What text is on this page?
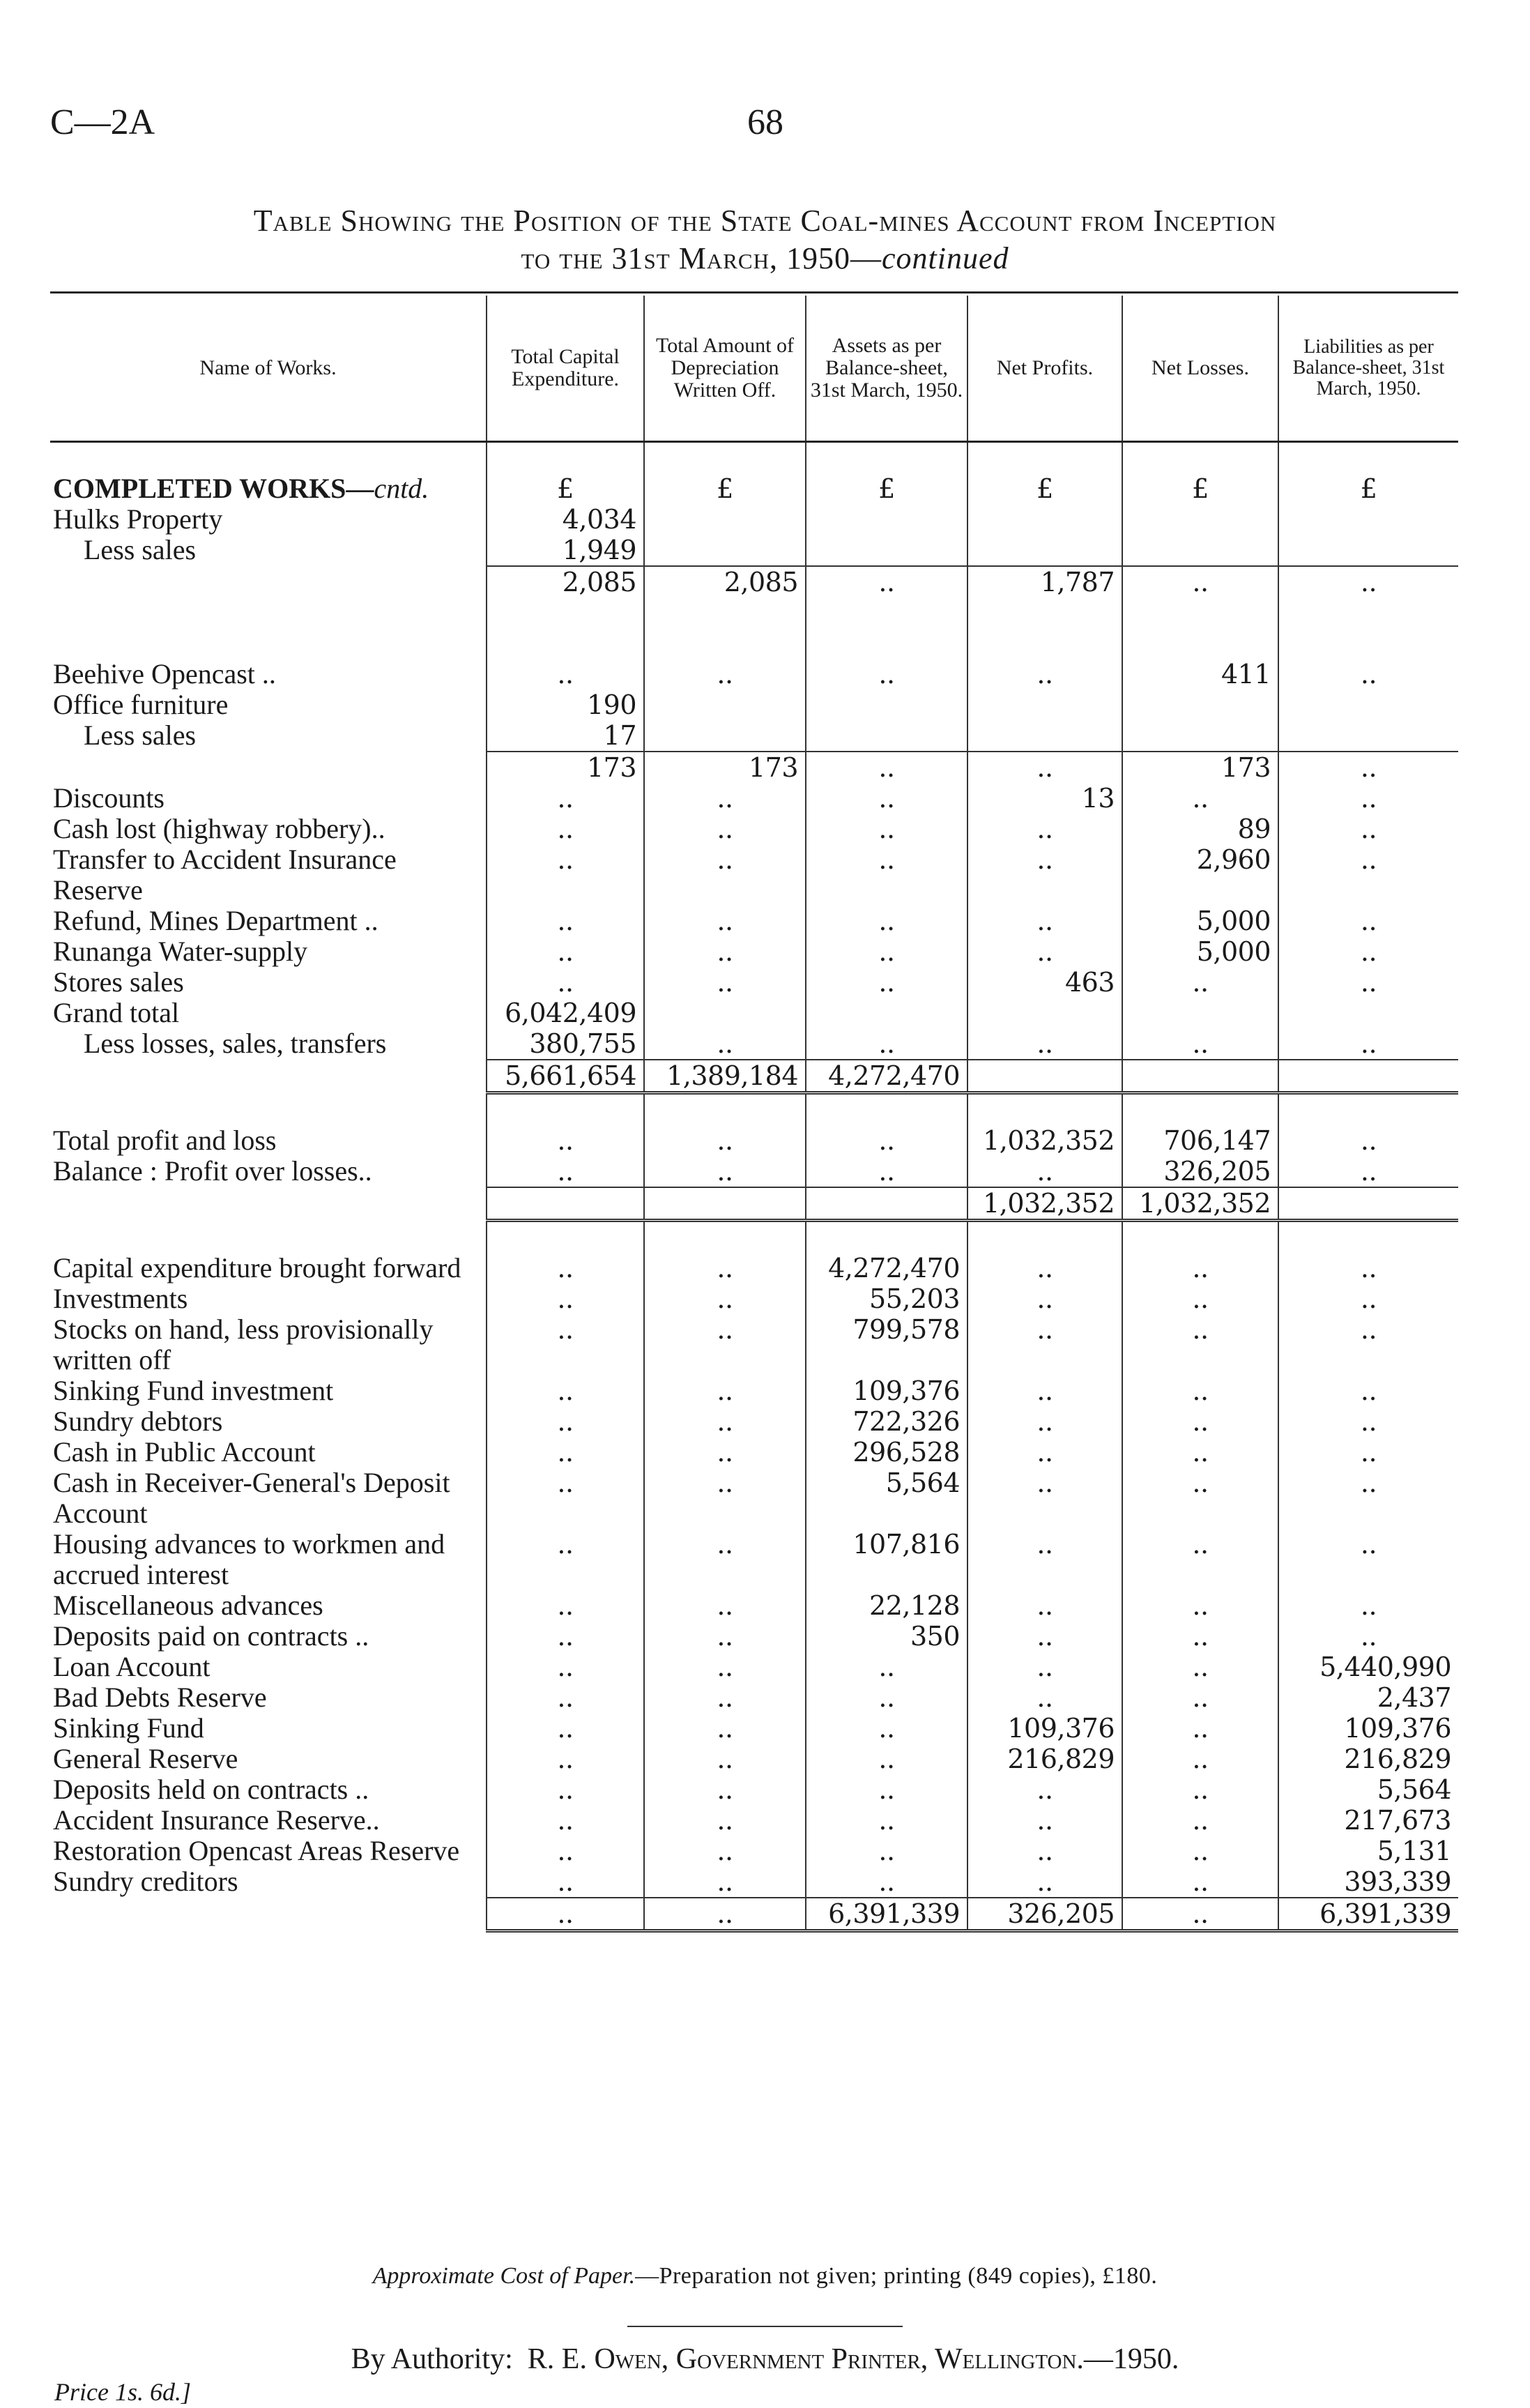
C—2A	68
Table Showing the Position of the State Coal-mines Account from Inception
to the 31st March, 1950—continued
Name of Works.	Total Capital Expenditure.	Total Amount of Depreciation Written Off.	Assets as per Balance-sheet, 31st March, 1950.	Net Profits.	Net Losses.	Liabilities as per Balance-sheet, 31st March, 1950.

COMPLETED WORKS—cntd.	£	£	£	£	£	£
Hulks Property	4,034					
Less sales	1,949					
	2,085	2,085	..	1,787	..	..

Beehive Opencast ..	..	..	..	..	411	..
Office furniture	190					
Less sales	17					
	173	173	..	..	173	..
Discounts	..	..	..	13	..	..
Cash lost (highway robbery)..	..	..	..	..	89	..
Transfer to Accident Insurance Reserve	..	..	..	..	2,960	..
Refund, Mines Department ..	..	..	..	..	5,000	..
Runanga Water-supply	..	..	..	..	5,000	..
Stores sales	..	..	..	463	..	..
Grand total	6,042,409					
Less losses, sales, transfers	380,755	..	..	..	..	..
	5,661,654	1,389,184	4,272,470			

Total profit and loss	..	..	..	1,032,352	706,147	..
Balance : Profit over losses..	..	..	..	..	326,205	..
				1,032,352	1,032,352	

Capital expenditure brought forward	..	..	4,272,470	..	..	..
Investments	..	..	55,203	..	..	..
Stocks on hand, less provisionally written off	..	..	799,578	..	..	..
Sinking Fund investment	..	..	109,376	..	..	..
Sundry debtors	..	..	722,326	..	..	..
Cash in Public Account	..	..	296,528	..	..	..
Cash in Receiver-General's Deposit Account	..	..	5,564	..	..	..
Housing advances to workmen and accrued interest	..	..	107,816	..	..	..
Miscellaneous advances	..	..	22,128	..	..	..
Deposits paid on contracts ..	..	..	350	..	..	..
Loan Account	..	..	..	..	..	5,440,990
Bad Debts Reserve	..	..	..	..	..	2,437
Sinking Fund	..	..	..	109,376	..	109,376
General Reserve	..	..	..	216,829	..	216,829
Deposits held on contracts ..	..	..	..	..	..	5,564
Accident Insurance Reserve..	..	..	..	..	..	217,673
Restoration Opencast Areas Reserve	..	..	..	..	..	5,131
Sundry creditors	..	..	..	..	..	393,339
	..	..	6,391,339	326,205	..	6,391,339
Approximate Cost of Paper.—Preparation not given; printing (849 copies), £180.
By Authority: R. E. Owen, Government Printer, Wellington.—1950.
Price 1s. 6d.]
